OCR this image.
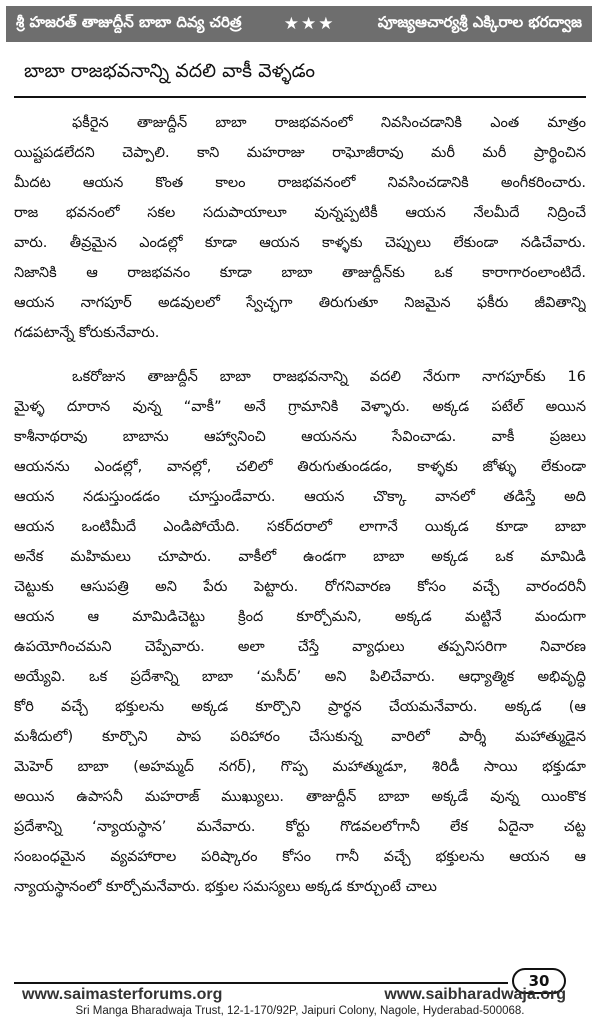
శ్రీ హజరత్ తాజుద్దీన్ బాబా దివ్య చరిత్ర ★★★	పూజ్యఆచార్యశ్రీ ఎక్కిరాల భరద్వాజ
బాబా రాజభవనాన్ని వదలి వాకీ వెళ్ళడం
ఫకీరైన తాజుద్దీన్ బాబా రాజభవనంలో నివసించడానికి ఎంత మాత్రం
యిష్టపడలేదని చెప్పాలి. కాని మహరాజు రాఘోజీరావు మరీ మరీ ప్రార్థించిన
మీదట ఆయన కొంత కాలం రాజభవనంలో నివసించడానికి అంగీకరించారు.
రాజ భవనంలో సకల సదుపాయాలూ వున్నప్పటికీ ఆయన నేలమీదే నిద్రించే
వారు. తీవ్రమైన ఎండల్లో కూడా ఆయన కాళ్ళకు చెప్పులు లేకుండా నడిచేవారు.
నిజానికి ఆ రాజభవనం కూడా బాబా తాజుద్దీన్‌కు ఒక కారాగారంలాంటిదే.
ఆయన నాగపూర్ అడవులలో స్వేచ్ఛగా తిరుగుతూ నిజమైన ఫకీరు జీవితాన్ని
గడపటాన్నే కోరుకునేవారు.
ఒకరోజున తాజుద్దీన్ బాబా రాజభవనాన్ని వదలి నేరుగా నాగపూర్‌కు 16
మైళ్ళ దూరాన వున్న “వాకీ” అనే గ్రామానికి వెళ్ళారు. అక్కడ పటేల్ అయిన
కాశీనాథరావు బాబాను ఆహ్వానించి ఆయనను సేవించాడు. వాకీ ప్రజలు
ఆయనను ఎండల్లో, వానల్లో, చలిలో తిరుగుతుండడం, కాళ్ళకు జోళ్ళు లేకుండా
ఆయన నడుస్తుండడం చూస్తుండేవారు. ఆయన చొక్కా వానలో తడిస్తే అది
ఆయన ఒంటిమీదే ఎండిపోయేది. సకర్‌దరాలో లాగానే యిక్కడ కూడా బాబా
అనేక మహిమలు చూపారు. వాకీలో ఉండగా బాబా అక్కడ ఒక మామిడి
చెట్టుకు ఆసుపత్రి అని పేరు పెట్టారు. రోగనివారణ కోసం వచ్చే వారందరినీ
ఆయన ఆ మామిడిచెట్టు క్రింద కూర్చోమని, అక్కడ మట్టినే మందుగా
ఉపయోగించమని చెప్పేవారు. అలా చేస్తే వ్యాధులు తప్పనిసరిగా నివారణ
అయ్యేవి. ఒక ప్రదేశాన్ని బాబా ‘మసీద్’ అని పిలిచేవారు. ఆధ్యాత్మిక అభివృద్ధి
కోరి వచ్చే భక్తులను అక్కడ కూర్చొని ప్రార్థన చేయమనేవారు. అక్కడ (ఆ
మశీదులో) కూర్చొని పాప పరిహారం చేసుకున్న వారిలో పార్శీ మహాత్ముడైన
మెహెర్ బాబా (అహమ్మద్ నగర్), గొప్ప మహాత్ముడూ, శిరిడీ సాయి భక్తుడూ
అయిన ఉపాసనీ మహరాజ్ ముఖ్యులు. తాజుద్దీన్ బాబా అక్కడే వున్న యింకొక
ప్రదేశాన్ని ‘న్యాయస్థాన’ మనేవారు. కోర్టు గొడవలలోగానీ లేక ఏదైనా చట్ట
సంబంధమైన వ్యవహారాల పరిష్కారం కోసం గానీ వచ్చే భక్తులను ఆయన ఆ
న్యాయస్థానంలో కూర్చోమనేవారు. భక్తుల సమస్యలు అక్కడ కూర్చుంటే చాలు
30
www.saimasterforums.org	www.saibharadwaja.org
Sri Manga Bharadwaja Trust, 12-1-170/92P, Jaipuri Colony, Nagole, Hyderabad-500068.
